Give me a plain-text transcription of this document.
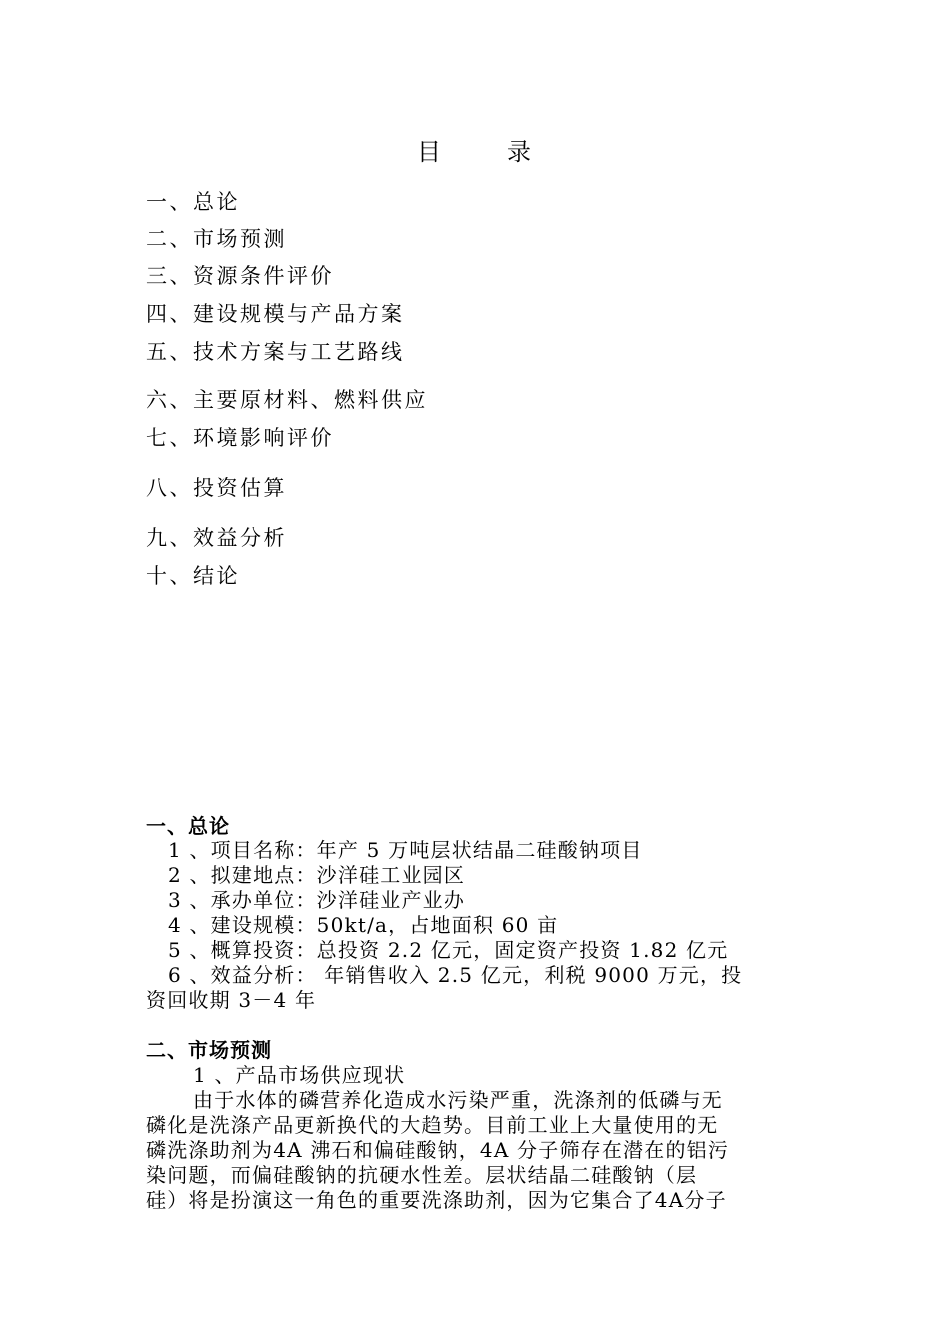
目	录
一、总论
二、市场预测
三、资源条件评价
四、建设规模与产品方案
五、技术方案与工艺路线
六、主要原材料、燃料供应
七、环境影响评价
八、投资估算
九、效益分析
十、结论
一、总论
1 、项目名称：年产 5 万吨层状结晶二硅酸钠项目
2 、拟建地点：沙洋硅工业园区
3 、承办单位：沙洋硅业产业办
4 、建设规模：50kt/a，占地面积 60 亩
5 、概算投资：总投资 2.2 亿元，固定资产投资 1.82 亿元
6 、效益分析： 年销售收入 2.5 亿元，利税 9000 万元，投
资回收期 3－4 年
二、市场预测
1 、产品市场供应现状
由于水体的磷营养化造成水污染严重，洗涤剂的低磷与无
磷化是洗涤产品更新换代的大趋势。目前工业上大量使用的无
磷洗涤助剂为4A 沸石和偏硅酸钠，4A 分子筛存在潜在的铝污
染问题，而偏硅酸钠的抗硬水性差。层状结晶二硅酸钠（层
硅）将是扮演这一角色的重要洗涤助剂，因为它集合了4A分子
